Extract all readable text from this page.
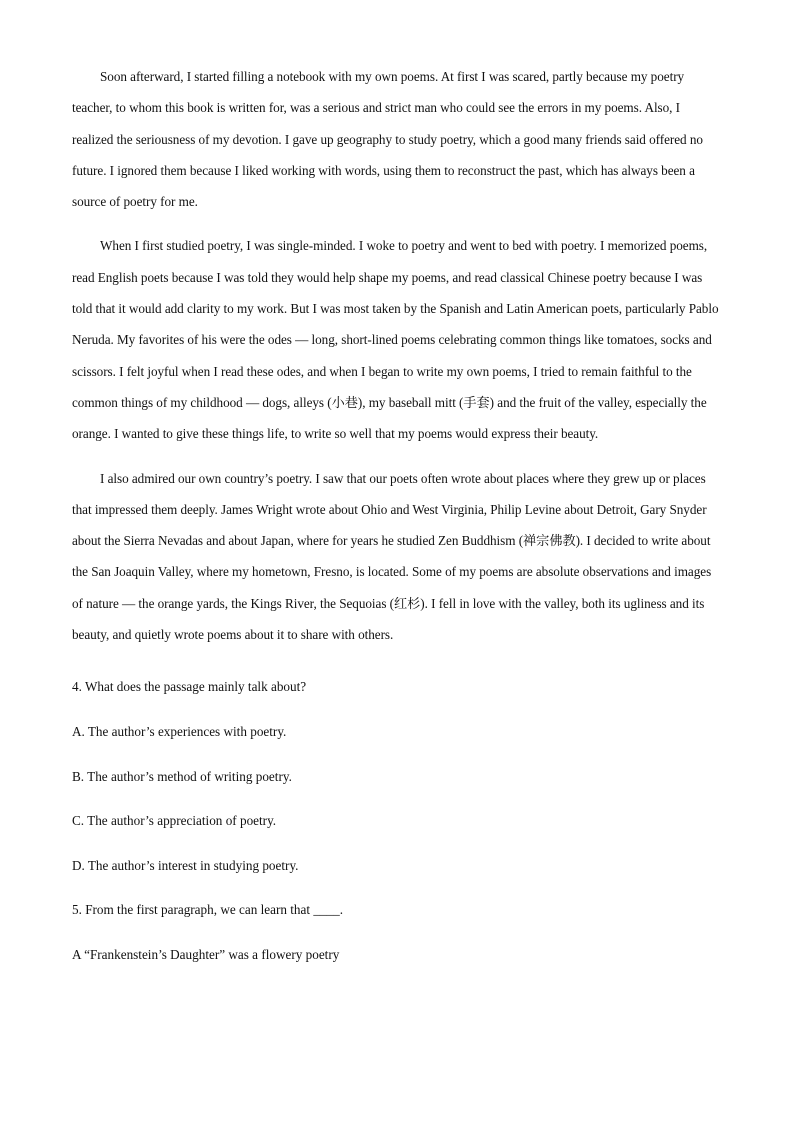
Soon afterward, I started filling a notebook with my own poems. At first I was scared, partly because my poetry teacher, to whom this book is written for, was a serious and strict man who could see the errors in my poems. Also, I realized the seriousness of my devotion. I gave up geography to study poetry, which a good many friends said offered no future. I ignored them because I liked working with words, using them to reconstruct the past, which has always been a source of poetry for me.

When I first studied poetry, I was single-minded. I woke to poetry and went to bed with poetry. I memorized poems, read English poets because I was told they would help shape my poems, and read classical Chinese poetry because I was told that it would add clarity to my work. But I was most taken by the Spanish and Latin American poets, particularly Pablo Neruda. My favorites of his were the odes — long, short-lined poems celebrating common things like tomatoes, socks and scissors. I felt joyful when I read these odes, and when I began to write my own poems, I tried to remain faithful to the common things of my childhood — dogs, alleys (小巷), my baseball mitt (手套) and the fruit of the valley, especially the orange. I wanted to give these things life, to write so well that my poems would express their beauty.

I also admired our own country’s poetry. I saw that our poets often wrote about places where they grew up or places that impressed them deeply. James Wright wrote about Ohio and West Virginia, Philip Levine about Detroit, Gary Snyder about the Sierra Nevadas and about Japan, where for years he studied Zen Buddhism (禅宗佛教). I decided to write about the San Joaquin Valley, where my hometown, Fresno, is located. Some of my poems are absolute observations and images of nature — the orange yards, the Kings River, the Sequoias (红杉). I fell in love with the valley, both its ugliness and its beauty, and quietly wrote poems about it to share with others.

4. What does the passage mainly talk about?

A. The author’s experiences with poetry.

B. The author’s method of writing poetry.

C. The author’s appreciation of poetry.

D. The author’s interest in studying poetry.

5. From the first paragraph, we can learn that ____.

A “Frankenstein’s Daughter” was a flowery poetry
